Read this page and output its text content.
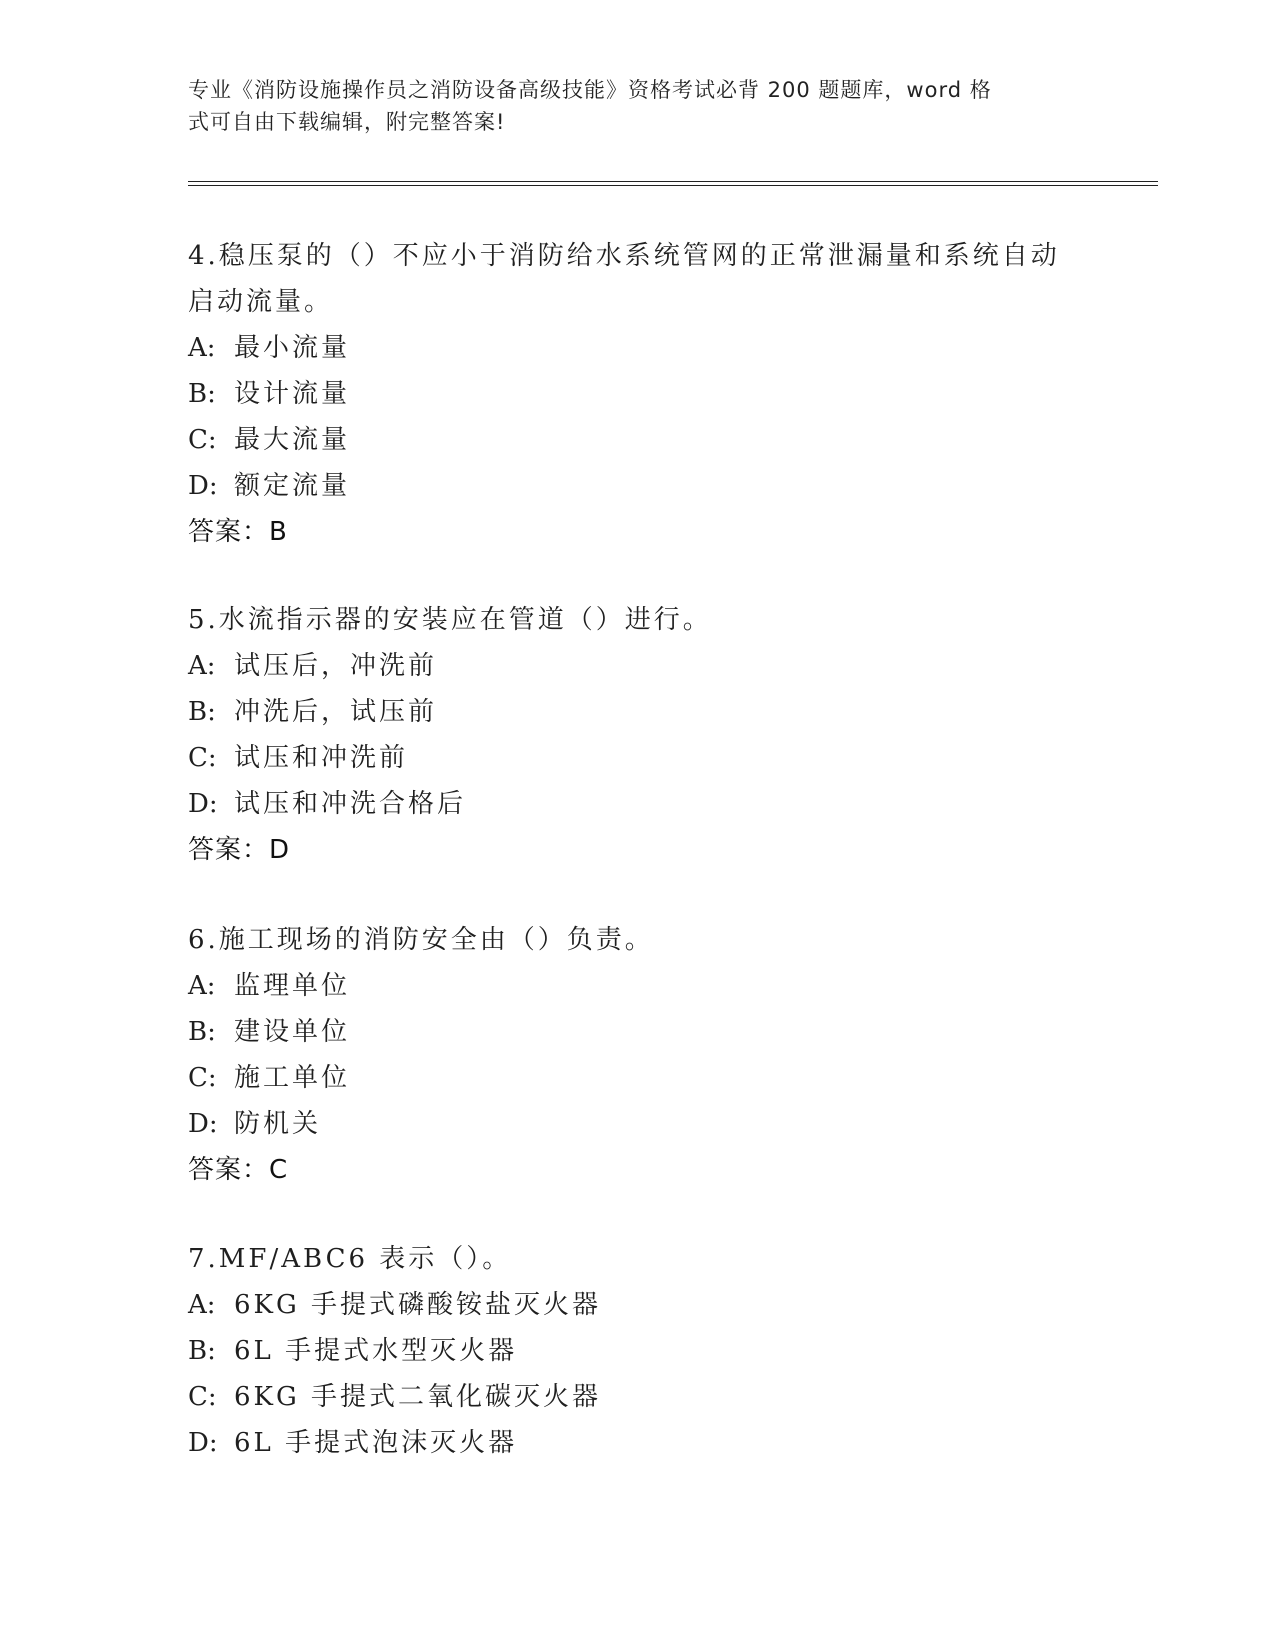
专业《消防设施操作员之消防设备高级技能》资格考试必背 200 题题库，word 格
式可自由下载编辑，附完整答案!

4.稳压泵的（）不应小于消防给水系统管网的正常泄漏量和系统自动

启动流量。

A: 最小流量

B: 设计流量

C: 最大流量

D: 额定流量

答案：B

5.水流指示器的安装应在管道（）进行。

A: 试压后，冲洗前

B: 冲洗后，试压前

C: 试压和冲洗前

D: 试压和冲洗合格后

答案：D

6.施工现场的消防安全由（）负责。

A: 监理单位

B: 建设单位

C: 施工单位

D: 防机关

答案：C

7.MF/ABC6 表示（）。

A: 6KG 手提式磷酸铵盐灭火器

B: 6L 手提式水型灭火器

C: 6KG 手提式二氧化碳灭火器

D: 6L 手提式泡沫灭火器
